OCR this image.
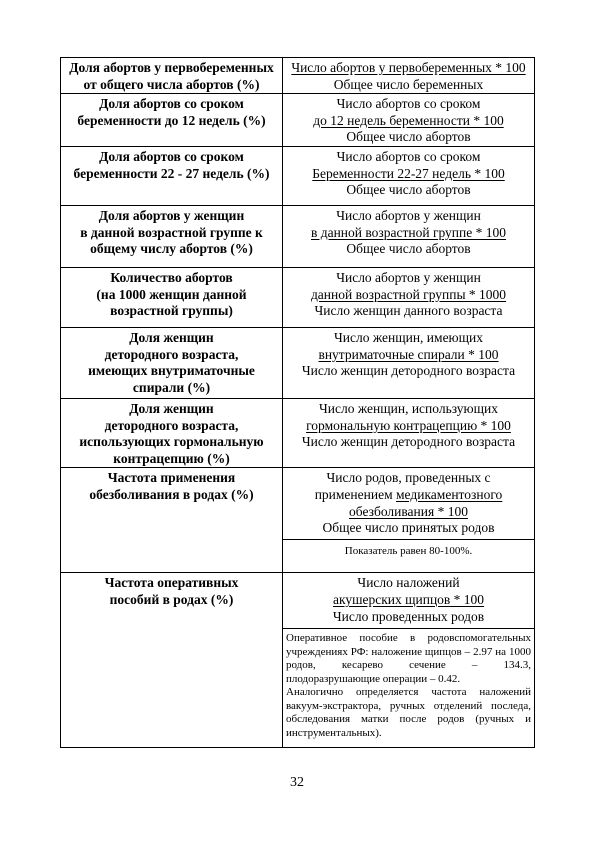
Доля абортов у первобеременных
от общего числа абортов (%)	Число абортов у первобеременных * 100
Общее число беременных

Доля абортов со сроком
беременности до 12 недель (%)	Число абортов со сроком
до 12 недель беременности * 100
Общее число абортов

Доля абортов со сроком
беременности 22 - 27 недель (%)	Число абортов со сроком
Беременности 22-27 недель * 100
Общее число абортов

Доля абортов у женщин
в данной возрастной группе к
общему числу абортов (%)	Число абортов у женщин
в данной возрастной группе * 100
Общее число абортов

Количество абортов
(на 1000 женщин данной
возрастной группы)	Число абортов у женщин
данной возрастной группы * 1000
Число женщин данного возраста

Доля женщин
детородного возраста,
имеющих внутриматочные
спирали (%)	Число женщин, имеющих
внутриматочные спирали * 100
Число женщин детородного возраста

Доля женщин
детородного возраста,
использующих гормональную
контрацепцию (%)	Число женщин, использующих
гормональную контрацепцию * 100
Число женщин детородного возраста

Частота применения
обезболивания в родах (%)	Число родов, проведенных с
применением медикаментозного
обезболивания * 100
Общее число принятых родов

	Показатель равен 80-100%.

Частота оперативных
пособий в родах (%)	Число наложений
акушерских щипцов * 100
Число проведенных родов

	Оперативное пособие в родовспомогательных учреждениях РФ: наложение щипцов – 2.97 на 1000 родов, кесарево сечение – 134.3, плодоразрушающие операции – 0.42.
Аналогично определяется частота наложений вакуум-экстрактора, ручных отделений последа, обследования матки после родов (ручных и инструментальных).
32
